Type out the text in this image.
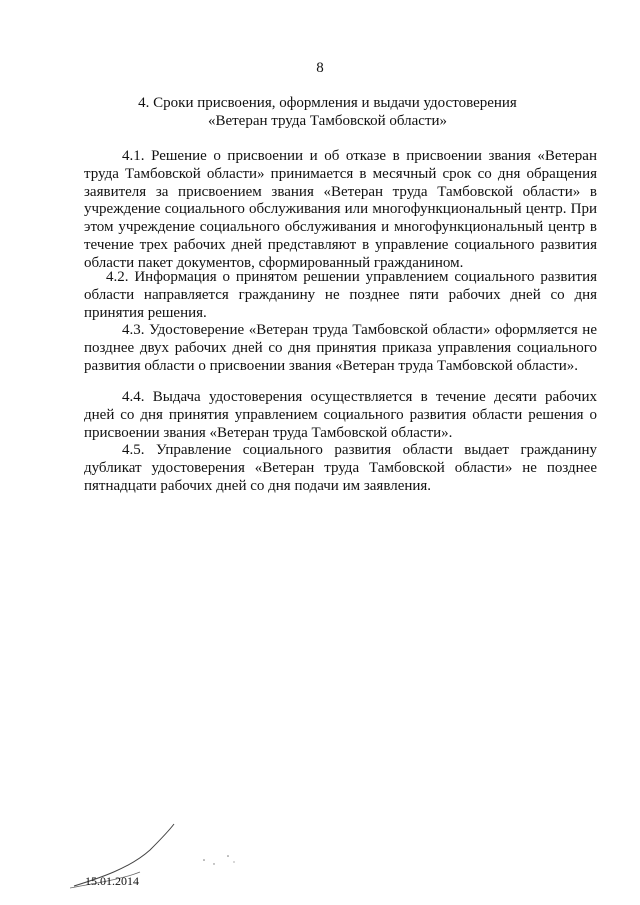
8
4. Сроки присвоения, оформления и выдачи удостоверения
«Ветеран труда Тамбовской области»

4.1. Решение о присвоении и об отказе в присвоении звания «Ветеран труда Тамбовской области» принимается в месячный срок со дня обращения заявителя за присвоением звания «Ветеран труда Тамбовской области» в учреждение социального обслуживания или многофункциональный центр. При этом учреждение социального обслуживания и многофункциональный центр в течение трех рабочих дней представляют в управление социального развития области пакет документов, сформированный гражданином.

4.2. Информация о принятом решении управлением социального развития области направляется гражданину не позднее пяти рабочих дней со дня принятия решения.

4.3. Удостоверение «Ветеран труда Тамбовской области» оформляется не позднее двух рабочих дней со дня принятия приказа управления социального развития области о присвоении звания «Ветеран труда Тамбовской области».

4.4. Выдача удостоверения осуществляется в течение десяти рабочих дней со дня принятия управлением социального развития области решения о присвоении звания «Ветеран труда Тамбовской области».

4.5. Управление социального развития области выдает гражданину дубликат удостоверения «Ветеран труда Тамбовской области» не позднее пятнадцати рабочих дней со дня подачи им заявления.

15.01.2014
